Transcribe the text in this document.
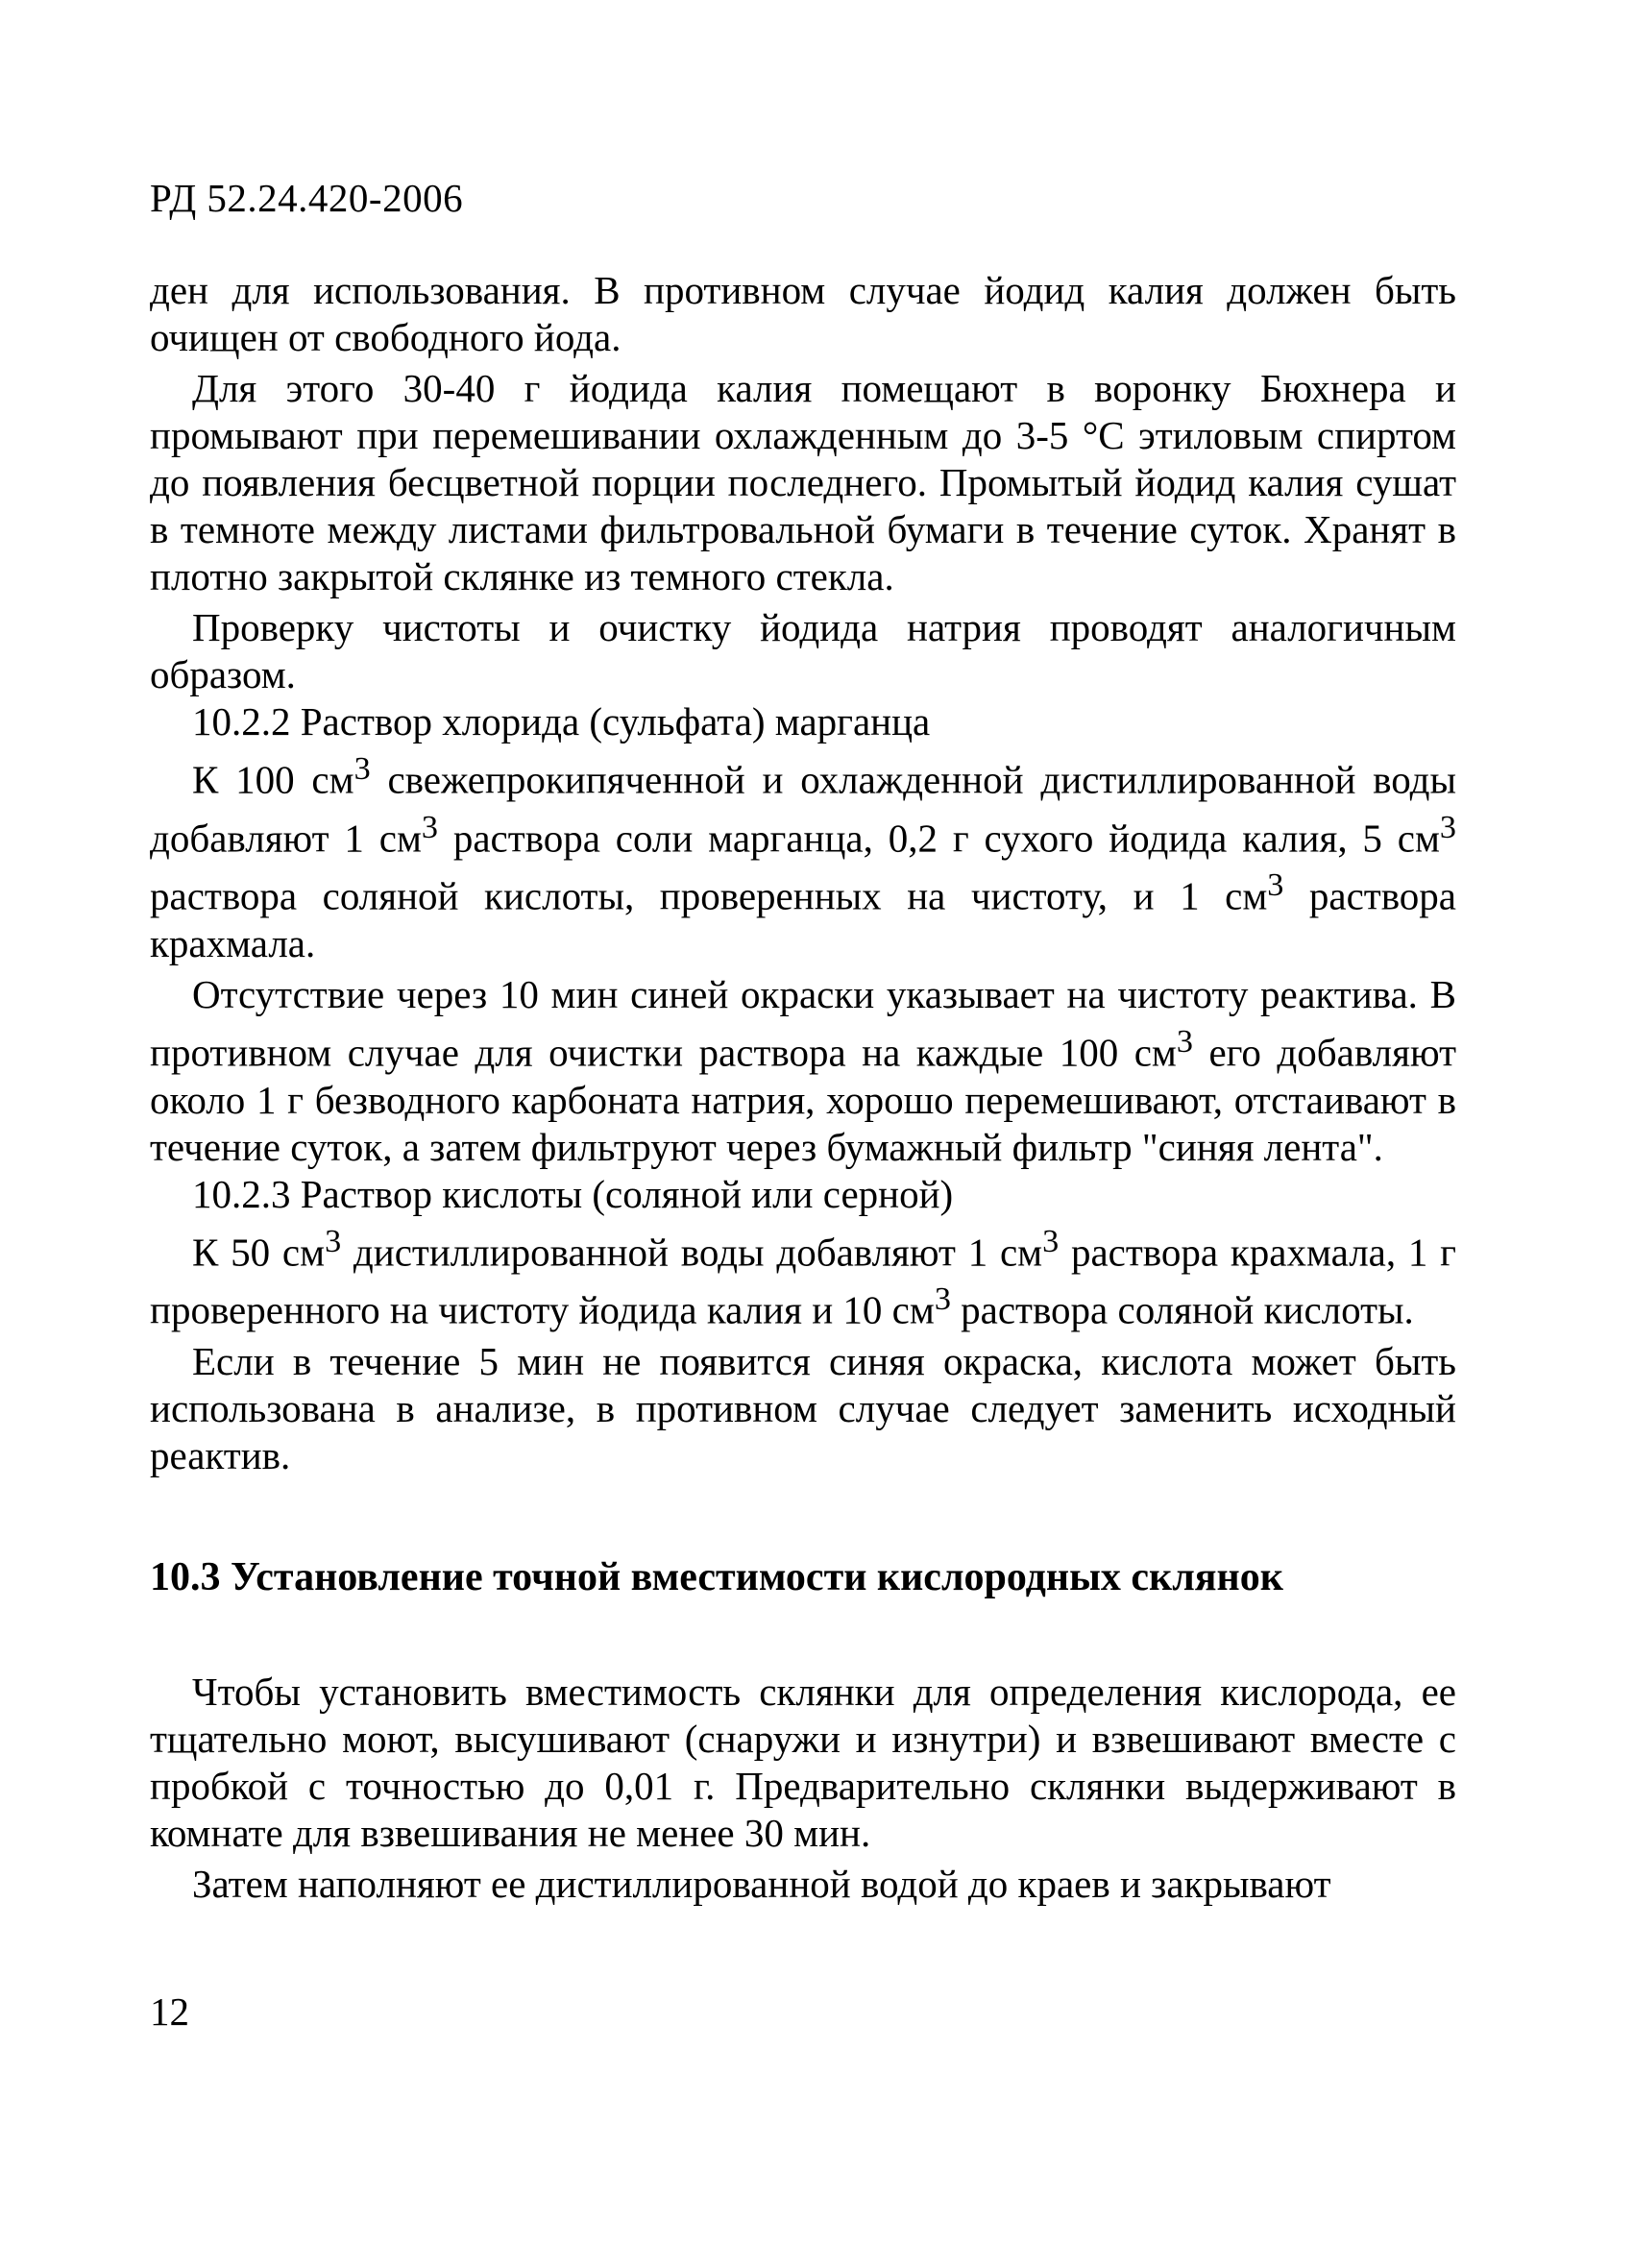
РД 52.24.420-2006

ден для использования. В противном случае йодид калия должен быть очищен от свободного йода.

Для этого 30-40 г йодида калия помещают в воронку Бюхнера и промывают при перемешивании охлажденным до 3-5 °С этиловым спиртом до появления бесцветной порции последнего. Промытый йодид калия сушат в темноте между листами фильтровальной бумаги в течение суток. Хранят в плотно закрытой склянке из темного стекла.

Проверку чистоты и очистку йодида натрия проводят аналогичным образом.

10.2.2 Раствор хлорида (сульфата) марганца

К 100 $см^3$ свежепрокипяченной и охлажденной дистиллированной воды добавляют 1 $см^3$ раствора соли марганца, 0,2 г сухого йодида калия, 5 $см^3$ раствора соляной кислоты, проверенных на чистоту, и 1 $см^3$ раствора крахмала.

Отсутствие через 10 мин синей окраски указывает на чистоту реактива. В противном случае для очистки раствора на каждые 100 $см^3$ его добавляют около 1 г безводного карбоната натрия, хорошо перемешивают, отстаивают в течение суток, а затем фильтруют через бумажный фильтр "синяя лента".

10.2.3 Раствор кислоты (соляной или серной)

К 50 $см^3$ дистиллированной воды добавляют 1 $см^3$ раствора крахмала, 1 г проверенного на чистоту йодида калия и 10 $см^3$ раствора соляной кислоты.

Если в течение 5 мин не появится синяя окраска, кислота может быть использована в анализе, в противном случае следует заменить исходный реактив.

10.3 Установление точной вместимости кислородных склянок

Чтобы установить вместимость склянки для определения кислорода, ее тщательно моют, высушивают (снаружи и изнутри) и взвешивают вместе с пробкой с точностью до 0,01 г. Предварительно склянки выдерживают в комнате для взвешивания не менее 30 мин.

Затем наполняют ее дистиллированной водой до краев и закрывают

12
